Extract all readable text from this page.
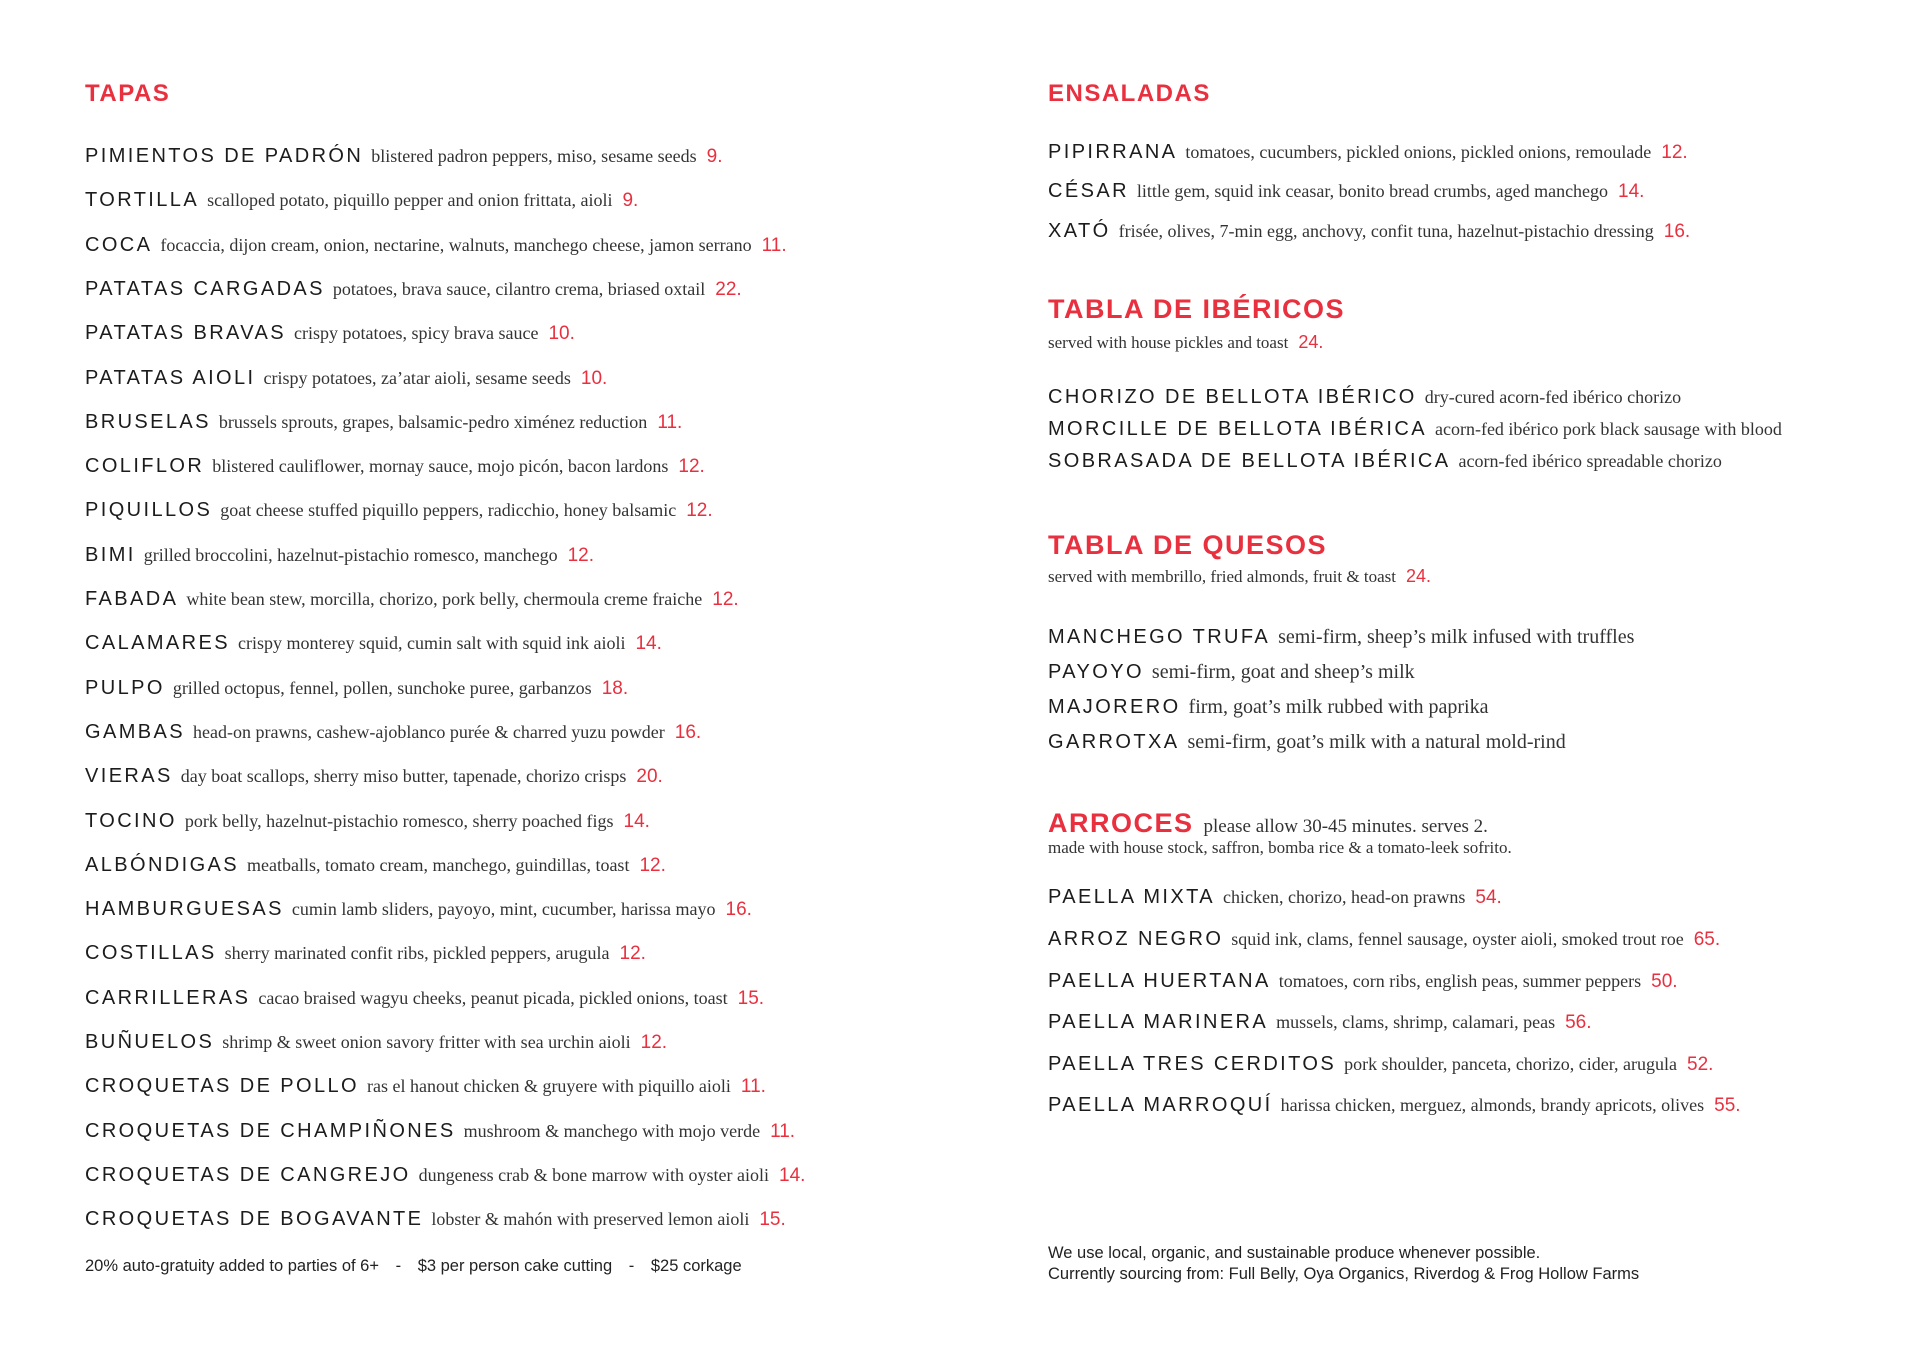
TAPAS
PIMIENTOS DE PADRÓN blistered padron peppers, miso, sesame seeds 9.
TORTILLA scalloped potato, piquillo pepper and onion frittata, aioli 9.
COCA focaccia, dijon cream, onion, nectarine, walnuts, manchego cheese, jamon serrano 11.
PATATAS CARGADAS potatoes, brava sauce, cilantro crema, briased oxtail 22.
PATATAS BRAVAS crispy potatoes, spicy brava sauce 10.
PATATAS AIOLI crispy potatoes, za’atar aioli, sesame seeds 10.
BRUSELAS brussels sprouts, grapes, balsamic-pedro ximénez reduction 11.
COLIFLOR blistered cauliflower, mornay sauce, mojo picón, bacon lardons 12.
PIQUILLOS goat cheese stuffed piquillo peppers, radicchio, honey balsamic 12.
BIMI grilled broccolini, hazelnut-pistachio romesco, manchego 12.
FABADA white bean stew, morcilla, chorizo, pork belly, chermoula creme fraiche 12.
CALAMARES crispy monterey squid, cumin salt with squid ink aioli 14.
PULPO grilled octopus, fennel, pollen, sunchoke puree, garbanzos 18.
GAMBAS head-on prawns, cashew-ajoblanco purée & charred yuzu powder 16.
VIERAS day boat scallops, sherry miso butter, tapenade, chorizo crisps 20.
TOCINO pork belly, hazelnut-pistachio romesco, sherry poached figs 14.
ALBÓNDIGAS meatballs, tomato cream, manchego, guindillas, toast 12.
HAMBURGUESAS cumin lamb sliders, payoyo, mint, cucumber, harissa mayo 16.
COSTILLAS sherry marinated confit ribs, pickled peppers, arugula 12.
CARRILLERAS cacao braised wagyu cheeks, peanut picada, pickled onions, toast 15.
BUÑUELOS shrimp & sweet onion savory fritter with sea urchin aioli 12.
CROQUETAS DE POLLO ras el hanout chicken & gruyere with piquillo aioli 11.
CROQUETAS DE CHAMPIÑONES mushroom & manchego with mojo verde 11.
CROQUETAS DE CANGREJO dungeness crab & bone marrow with oyster aioli 14.
CROQUETAS DE BOGAVANTE lobster & mahón with preserved lemon aioli 15.
20% auto-gratuity added to parties of 6+ - $3 per person cake cutting - $25 corkage
ENSALADAS
PIPIRRANA tomatoes, cucumbers, pickled onions, pickled onions, remoulade 12.
CÉSAR little gem, squid ink ceasar, bonito bread crumbs, aged manchego 14.
XATÓ frisée, olives, 7-min egg, anchovy, confit tuna, hazelnut-pistachio dressing 16.
TABLA DE IBÉRICOS
served with house pickles and toast 24.
CHORIZO DE BELLOTA IBÉRICO dry-cured acorn-fed ibérico chorizo
MORCILLE DE BELLOTA IBÉRICA acorn-fed ibérico pork black sausage with blood
SOBRASADA DE BELLOTA IBÉRICA acorn-fed ibérico spreadable chorizo
TABLA DE QUESOS
served with membrillo, fried almonds, fruit & toast 24.
MANCHEGO TRUFA semi-firm, sheep’s milk infused with truffles
PAYOYO semi-firm, goat and sheep’s milk
MAJORERO firm, goat’s milk rubbed with paprika
GARROTXA semi-firm, goat’s milk with a natural mold-rind
ARROCES please allow 30-45 minutes. serves 2.
made with house stock, saffron, bomba rice & a tomato-leek sofrito.
PAELLA MIXTA chicken, chorizo, head-on prawns 54.
ARROZ NEGRO squid ink, clams, fennel sausage, oyster aioli, smoked trout roe 65.
PAELLA HUERTANA tomatoes, corn ribs, english peas, summer peppers 50.
PAELLA MARINERA mussels, clams, shrimp, calamari, peas 56.
PAELLA TRES CERDITOS pork shoulder, panceta, chorizo, cider, arugula 52.
PAELLA MARROQUÍ harissa chicken, merguez, almonds, brandy apricots, olives 55.
We use local, organic, and sustainable produce whenever possible.
Currently sourcing from: Full Belly, Oya Organics, Riverdog & Frog Hollow Farms
